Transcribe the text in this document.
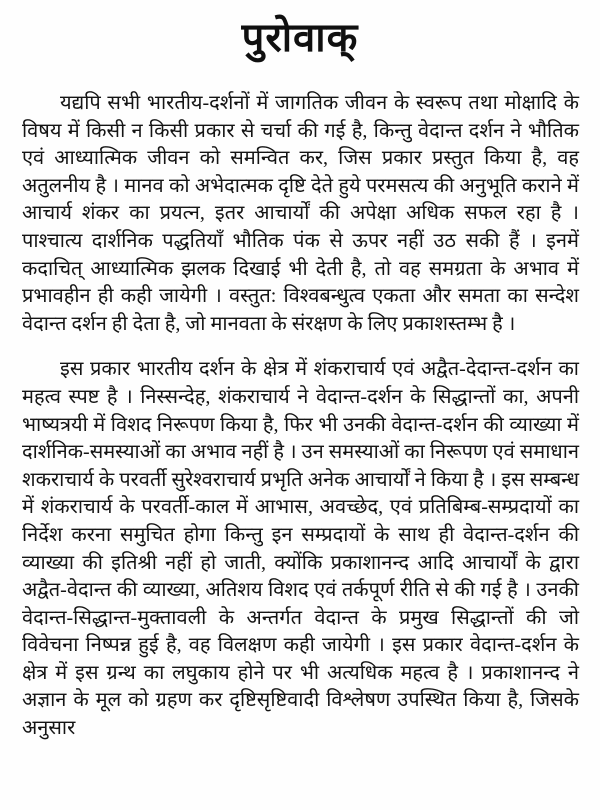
पुरोवाक्

यद्यपि सभी भारतीय-दर्शनों में जागतिक जीवन के स्वरूप तथा मोक्षादि के विषय में किसी न किसी प्रकार से चर्चा की गई है, किन्तु वेदान्त दर्शन ने भौतिक एवं आध्यात्मिक जीवन को समन्वित कर, जिस प्रकार प्रस्तुत किया है, वह अतुलनीय है । मानव को अभेदात्मक दृष्टि देते हुये परमसत्य की अनुभूति कराने में आचार्य शंकर का प्रयत्न, इतर आचार्यों की अपेक्षा अधिक सफल रहा है । पाश्चात्य दार्शनिक पद्धतियाँ भौतिक पंक से ऊपर नहीं उठ सकी हैं । इनमें कदाचित् आध्यात्मिक झलक दिखाई भी देती है, तो वह समग्रता के अभाव में प्रभावहीन ही कही जायेगी । वस्तुत: विश्वबन्धुत्व एकता और समता का सन्देश वेदान्त दर्शन ही देता है, जो मानवता के संरक्षण के लिए प्रकाशस्तम्भ है ।

इस प्रकार भारतीय दर्शन के क्षेत्र में शंकराचार्य एवं अद्वैत-देदान्त-दर्शन का महत्व स्पष्ट है । निस्सन्देह, शंकराचार्य ने वेदान्त-दर्शन के सिद्धान्तों का, अपनी भाष्यत्रयी में विशद निरूपण किया है, फिर भी उनकी वेदान्त-दर्शन की व्याख्या में दार्शनिक-समस्याओं का अभाव नहीं है । उन समस्याओं का निरूपण एवं समाधान शकराचार्य के परवर्ती सुरेश्वराचार्य प्रभृति अनेक आचार्यों ने किया है । इस सम्बन्ध में शंकराचार्य के परवर्ती-काल में आभास, अवच्छेद, एवं प्रतिबिम्ब-सम्प्रदायों का निर्देश करना समुचित होगा किन्तु इन सम्प्रदायों के साथ ही वेदान्त-दर्शन की व्याख्या की इतिश्री नहीं हो जाती, क्योंकि प्रकाशानन्द आदि आचार्यों के द्वारा अद्वैत-वेदान्त की व्याख्या, अतिशय विशद एवं तर्कपूर्ण रीति से की गई है । उनकी वेदान्त-सिद्धान्त-मुक्तावली के अन्तर्गत वेदान्त के प्रमुख सिद्धान्तों की जो विवेचना निष्पन्न हुई है, वह विलक्षण कही जायेगी । इस प्रकार वेदान्त-दर्शन के क्षेत्र में इस ग्रन्थ का लघुकाय होने पर भी अत्यधिक महत्व है । प्रकाशानन्द ने अज्ञान के मूल को ग्रहण कर दृष्टिसृष्टिवादी विश्लेषण उपस्थित किया है, जिसके अनुसार
